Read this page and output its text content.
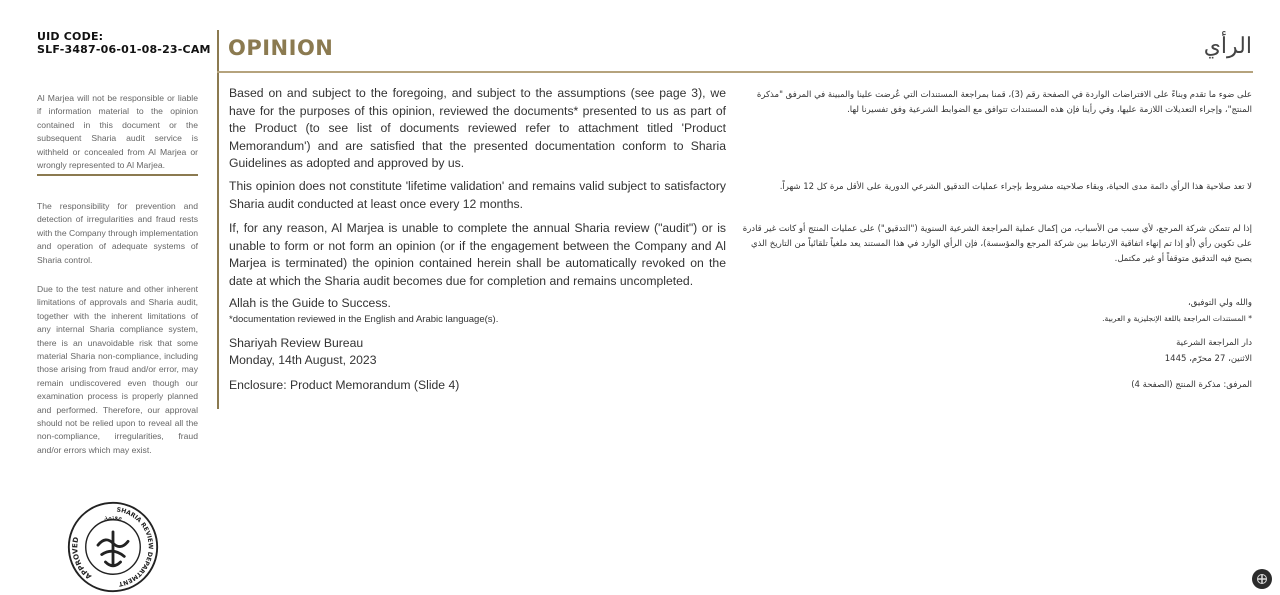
UID CODE:
SLF-3487-06-01-08-23-CAM
Al Marjea will not be responsible or liable if information material to the opinion contained in this document or the subsequent Sharia audit service is withheld or concealed from Al Marjea or wrongly represented to Al Marjea.
The responsibility for prevention and detection of irregularities and fraud rests with the Company through implementation and operation of adequate systems of Sharia control.
Due to the test nature and other inherent limitations of approvals and Sharia audit, together with the inherent limitations of any internal Sharia compliance system, there is an unavoidable risk that some material Sharia non-compliance, including those arising from fraud and/or error, may remain undiscovered even though our examination process is properly planned and performed. Therefore, our approval should not be relied upon to reveal all the non-compliance, irregularities, fraud and/or errors which may exist.
OPINION	الرأي

Based on and subject to the foregoing, and subject to the assumptions (see page 3), we have for the purposes of this opinion, reviewed the documents* presented to us as part of the Product (to see list of documents reviewed refer to attachment titled 'Product Memorandum') and are satisfied that the presented documentation conform to Sharia Guidelines as adopted and approved by us.

This opinion does not constitute 'lifetime validation' and remains valid subject to satisfactory Sharia audit conducted at least once every 12 months.

If, for any reason, Al Marjea is unable to complete the annual Sharia review ("audit") or is unable to form or not form an opinion (or if the engagement between the Company and Al Marjea is terminated) the opinion contained herein shall be automatically revoked on the date at which the Sharia audit becomes due for completion and remains uncompleted.

Allah is the Guide to Success.
*documentation reviewed in the English and Arabic language(s).
Shariyah Review Bureau
Monday, 14th August, 2023
Enclosure: Product Memorandum (Slide 4)
على ضوء ما تقدم وبناءً على الافتراضات الواردة في الصفحة رقم (3)، قمنا بمراجعة المستندات التي عُرضت علينا والمبينة في المرفق "مذكرة المنتج"، وإجراء التعديلات اللازمة عليها، وفي رأينا فإن هذه المستندات تتوافق مع الضوابط الشرعية وفق تفسيرنا لها.
لا تعد صلاحية هذا الرأي دائمة مدى الحياة، وبقاء صلاحيته مشروط بإجراء عمليات التدقيق الشرعي الدورية على الأقل مرة كل 12 شهراً.
إذا لم تتمكن شركة المرجع، لأي سبب من الأسباب، من إكمال عملية المراجعة الشرعية السنوية ("التدقيق") على عمليات المنتج أو كانت غير قادرة على تكوين رأي (أو إذا تم إنهاء اتفاقية الارتباط بين شركة المرجع والمؤسسة)، فإن الرأي الوارد في هذا المستند يعد ملغياً تلقائياً من التاريخ الذي يصبح فيه التدقيق متوقفاً أو غير مكتمل.
والله ولي التوفيق،
* المستندات المراجعة باللغة الإنجليزية و العربية.
دار المراجعة الشرعية
الاثنين، 27 محرّم، 1445
المرفق: مذكرة المنتج (الصفحة 4)
APPROVED
SHARIA REVIEW DEPARTMENT
معتمد
